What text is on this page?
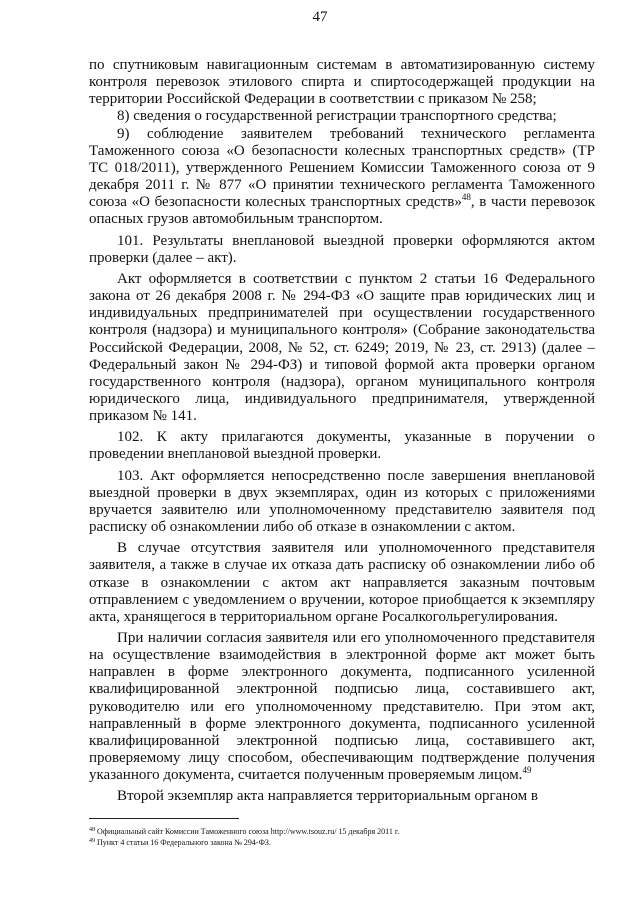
47

по спутниковым навигационным системам в автоматизированную систему контроля перевозок этилового спирта и спиртосодержащей продукции на территории Российской Федерации в соответствии с приказом № 258;

8) сведения о государственной регистрации транспортного средства;

9) соблюдение заявителем требований технического регламента Таможенного союза «О безопасности колесных транспортных средств» (ТР ТС 018/2011), утвержденного Решением Комиссии Таможенного союза от 9 декабря 2011 г. № 877 «О принятии технического регламента Таможенного союза «О безопасности колесных транспортных средств»$^{48}$, в части перевозок опасных грузов автомобильным транспортом.

101. Результаты внеплановой выездной проверки оформляются актом проверки (далее – акт).

Акт оформляется в соответствии с пунктом 2 статьи 16 Федерального закона от 26 декабря 2008 г. № 294-ФЗ «О защите прав юридических лиц и индивидуальных предпринимателей при осуществлении государственного контроля (надзора) и муниципального контроля» (Собрание законодательства Российской Федерации, 2008, № 52, ст. 6249; 2019, № 23, ст. 2913) (далее – Федеральный закон № 294-ФЗ) и типовой формой акта проверки органом государственного контроля (надзора), органом муниципального контроля юридического лица, индивидуального предпринимателя, утвержденной приказом № 141.

102. К акту прилагаются документы, указанные в поручении о проведении внеплановой выездной проверки.

103. Акт оформляется непосредственно после завершения внеплановой выездной проверки в двух экземплярах, один из которых с приложениями вручается заявителю или уполномоченному представителю заявителя под расписку об ознакомлении либо об отказе в ознакомлении с актом.

В случае отсутствия заявителя или уполномоченного представителя заявителя, а также в случае их отказа дать расписку об ознакомлении либо об отказе в ознакомлении с актом акт направляется заказным почтовым отправлением с уведомлением о вручении, которое приобщается к экземпляру акта, хранящегося в территориальном органе Росалкогольрегулирования.

При наличии согласия заявителя или его уполномоченного представителя на осуществление взаимодействия в электронной форме акт может быть направлен в форме электронного документа, подписанного усиленной квалифицированной электронной подписью лица, составившего акт, руководителю или его уполномоченному представителю. При этом акт, направленный в форме электронного документа, подписанного усиленной квалифицированной электронной подписью лица, составившего акт, проверяемому лицу способом, обеспечивающим подтверждение получения указанного документа, считается полученным проверяемым лицом.$^{49}$

Второй экземпляр акта направляется территориальным органом в

$^{48}$ Официальный сайт Комиссии Таможенного союза http://www.tsouz.ru/ 15 декабря 2011 г.
$^{49}$ Пункт 4 статьи 16 Федерального закона № 294-ФЗ.
